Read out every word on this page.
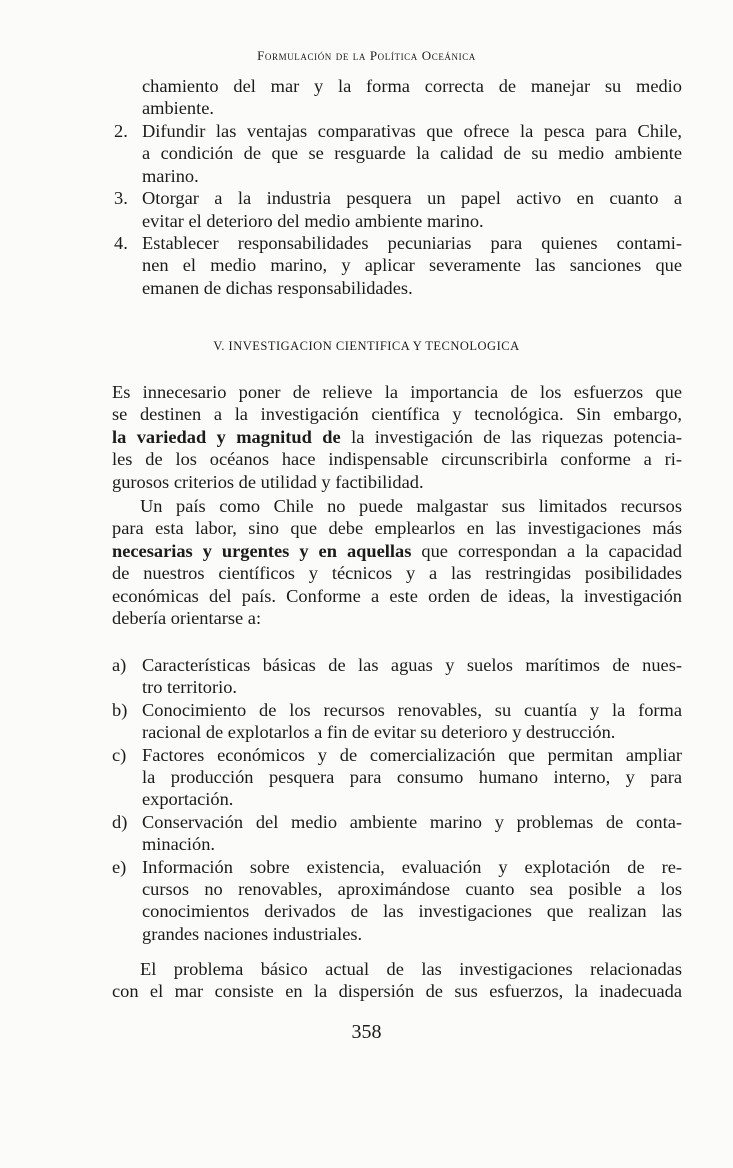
Formulación de la Política Oceánica
chamiento del mar y la forma correcta de manejar su medio
ambiente.
2. Difundir las ventajas comparativas que ofrece la pesca para Chile,
a condición de que se resguarde la calidad de su medio ambiente
marino.
3. Otorgar a la industria pesquera un papel activo en cuanto a
evitar el deterioro del medio ambiente marino.
4. Establecer responsabilidades pecuniarias para quienes contami-
nen el medio marino, y aplicar severamente las sanciones que
emanen de dichas responsabilidades.
V. INVESTIGACION CIENTIFICA Y TECNOLOGICA
Es innecesario poner de relieve la importancia de los esfuerzos que
se destinen a la investigación científica y tecnológica. Sin embargo,
la variedad y magnitud de la investigación de las riquezas potencia-
les de los océanos hace indispensable circunscribirla conforme a ri-
gurosos criterios de utilidad y factibilidad.
Un país como Chile no puede malgastar sus limitados recursos
para esta labor, sino que debe emplearlos en las investigaciones más
necesarias y urgentes y en aquellas que correspondan a la capacidad
de nuestros científicos y técnicos y a las restringidas posibilidades
económicas del país. Conforme a este orden de ideas, la investigación
debería orientarse a:
a) Características básicas de las aguas y suelos marítimos de nues-
tro territorio.
b) Conocimiento de los recursos renovables, su cuantía y la forma
racional de explotarlos a fin de evitar su deterioro y destrucción.
c) Factores económicos y de comercialización que permitan ampliar
la producción pesquera para consumo humano interno, y para
exportación.
d) Conservación del medio ambiente marino y problemas de conta-
minación.
e) Información sobre existencia, evaluación y explotación de re-
cursos no renovables, aproximándose cuanto sea posible a los
conocimientos derivados de las investigaciones que realizan las
grandes naciones industriales.
El problema básico actual de las investigaciones relacionadas
con el mar consiste en la dispersión de sus esfuerzos, la inadecuada
358
